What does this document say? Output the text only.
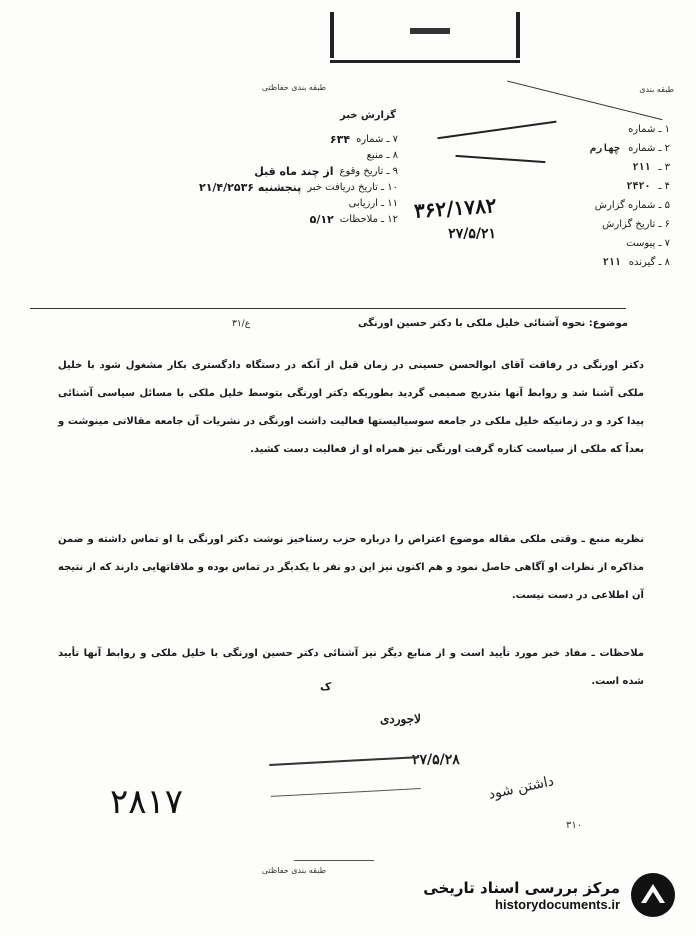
طبقه بندی حفاظتی	طبقه بندی
گزارش خبر
۷ ـ شماره
۶۳۴
۸ ـ منبع
۹ ـ تاریخ وقوع
از چند ماه قبل
۱۰ ـ تاریخ دریافت خبر
پنجشنبه ۲۱/۴/۲۵۳۶
۱۱ ـ ارزیابی
۱۲ ـ ملاحظات
۵/۱۲
۱ ـ شماره
۲ ـ شماره
چهارم
۳ ـ
۲۱۱
۴ ـ
۲۴۲۰
۵ ـ شماره گزارش
۶ ـ تاریخ گزارش
۷ ـ پیوست
۸ ـ گیرنده
۲۱۱
۳۶۲/۱۷۸۲
۲۷/۵/۲۱
موضوع: نحوه آشنائی خلیل ملکی با دکتر حسین اورنگی
ع/۳۱
دکتر اورنگی در رفاقت آقای ابوالحسن حسینی در زمان قبل از آنکه در دستگاه دادگستری بکار مشغول شود با خلیل ملکی آشنا شد و روابط آنها بتدریج صمیمی گردید بطوریکه دکتر اورنگی بتوسط خلیل ملکی با مسائل سیاسی آشنائی پیدا کرد و در زمانیکه خلیل ملکی در جامعه سوسیالیستها فعالیت داشت اورنگی در نشریات آن جامعه مقالاتی مینوشت و بعداً که ملکی از سیاست کناره گرفت اورنگی نیز همراه او از فعالیت دست کشید.
نظریه منبع ـ وقتی ملکی مقاله موضوع اعتراض را درباره حزب رستاخیز نوشت دکتر اورنگی با او تماس داشته و ضمن مذاکره از نظرات او آگاهی حاصل نمود و هم اکنون نیز این دو نفر با یکدیگر در تماس بوده و ملاقاتهایی دارند که از نتیجه آن اطلاعی در دست نیست.
ملاحظات ـ مفاد خبر مورد تأیید است و از منابع دیگر نیز آشنائی دکتر حسین اورنگی با خلیل ملکی و روابط آنها تأیید شده است.
ک
لاجوردی
۲۷/۵/۲۸
داشتن شود
۲۸۱۷
۳۱۰
طبقه بندی حفاظتی
مرکز بررسی اسناد تاریخی
historydocuments.ir
